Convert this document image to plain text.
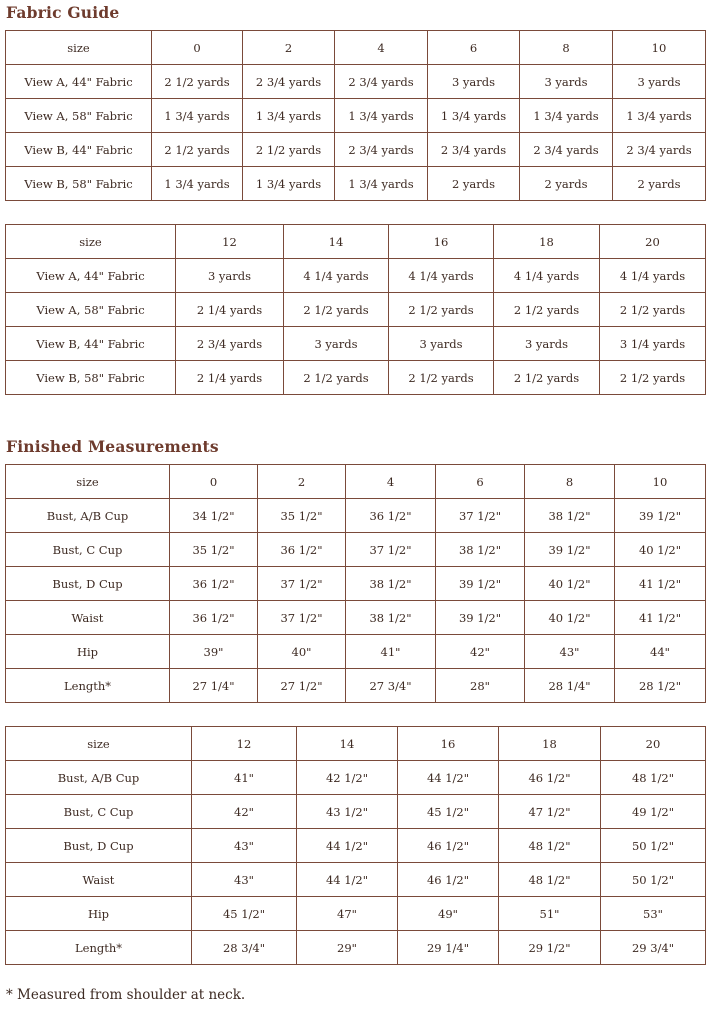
Fabric Guide
size	0	2	4	6	8	10
View A, 44" Fabric	2 1/2 yards	2 3/4 yards	2 3/4 yards	3 yards	3 yards	3 yards
View A, 58" Fabric	1 3/4 yards	1 3/4 yards	1 3/4 yards	1 3/4 yards	1 3/4 yards	1 3/4 yards
View B, 44" Fabric	2 1/2 yards	2 1/2 yards	2 3/4 yards	2 3/4 yards	2 3/4 yards	2 3/4 yards
View B, 58" Fabric	1 3/4 yards	1 3/4 yards	1 3/4 yards	2 yards	2 yards	2 yards
size	12	14	16	18	20
View A, 44" Fabric	3 yards	4 1/4 yards	4 1/4 yards	4 1/4 yards	4 1/4 yards
View A, 58" Fabric	2 1/4 yards	2 1/2 yards	2 1/2 yards	2 1/2 yards	2 1/2 yards
View B, 44" Fabric	2 3/4 yards	3 yards	3 yards	3 yards	3 1/4 yards
View B, 58" Fabric	2 1/4 yards	2 1/2 yards	2 1/2 yards	2 1/2 yards	2 1/2 yards
Finished Measurements
size	0	2	4	6	8	10
Bust, A/B Cup	34 1/2"	35 1/2"	36 1/2"	37 1/2"	38 1/2"	39 1/2"
Bust, C Cup	35 1/2"	36 1/2"	37 1/2"	38 1/2"	39 1/2"	40 1/2"
Bust, D Cup	36 1/2"	37 1/2"	38 1/2"	39 1/2"	40 1/2"	41 1/2"
Waist	36 1/2"	37 1/2"	38 1/2"	39 1/2"	40 1/2"	41 1/2"
Hip	39"	40"	41"	42"	43"	44"
Length*	27 1/4"	27 1/2"	27 3/4"	28"	28 1/4"	28 1/2"
size	12	14	16	18	20
Bust, A/B Cup	41"	42 1/2"	44 1/2"	46 1/2"	48 1/2"
Bust, C Cup	42"	43 1/2"	45 1/2"	47 1/2"	49 1/2"
Bust, D Cup	43"	44 1/2"	46 1/2"	48 1/2"	50 1/2"
Waist	43"	44 1/2"	46 1/2"	48 1/2"	50 1/2"
Hip	45 1/2"	47"	49"	51"	53"
Length*	28 3/4"	29"	29 1/4"	29 1/2"	29 3/4"

* Measured from shoulder at neck.
